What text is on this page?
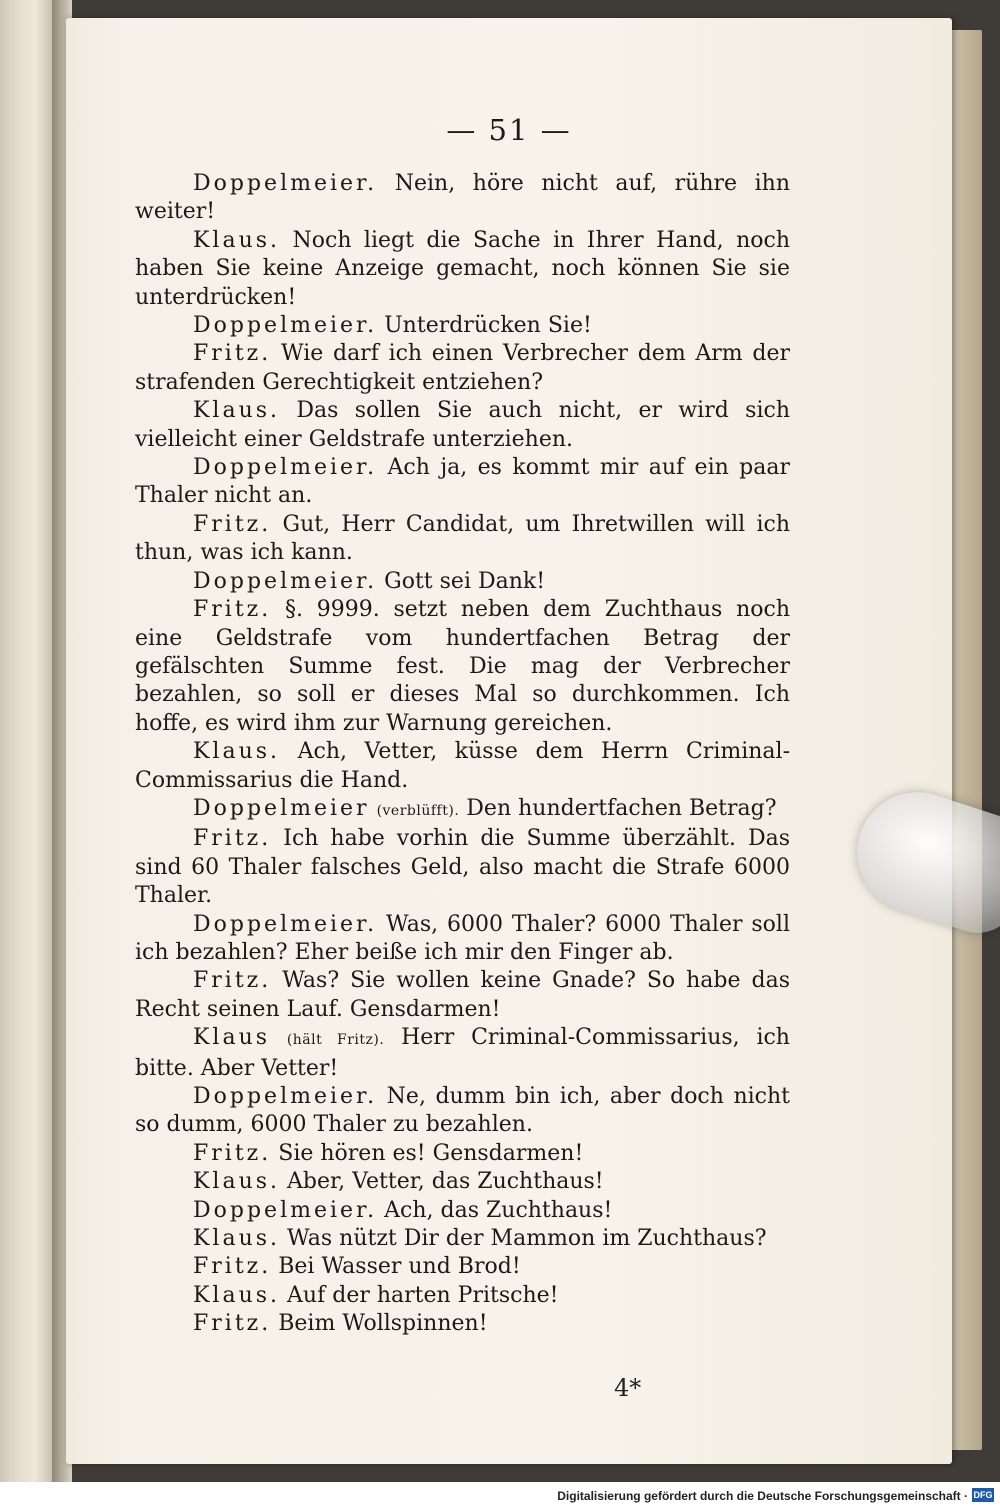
— 51 —

Doppelmeier. Nein, höre nicht auf, rühre ihn weiter!

Klaus. Noch liegt die Sache in Ihrer Hand, noch haben Sie keine Anzeige gemacht, noch können Sie sie unterdrücken!

Doppelmeier. Unterdrücken Sie!

Fritz. Wie darf ich einen Verbrecher dem Arm der strafenden Gerechtigkeit entziehen?

Klaus. Das sollen Sie auch nicht, er wird sich vielleicht einer Geldstrafe unterziehen.

Doppelmeier. Ach ja, es kommt mir auf ein paar Thaler nicht an.

Fritz. Gut, Herr Candidat, um Ihretwillen will ich thun, was ich kann.

Doppelmeier. Gott sei Dank!

Fritz. §. 9999. setzt neben dem Zuchthaus noch eine Geldstrafe vom hundertfachen Betrag der gefälschten Summe fest. Die mag der Verbrecher bezahlen, so soll er dieses Mal so durchkommen. Ich hoffe, es wird ihm zur Warnung gereichen.

Klaus. Ach, Vetter, küsse dem Herrn Criminal-Commissarius die Hand.

Doppelmeier (verblüfft). Den hundertfachen Betrag?

Fritz. Ich habe vorhin die Summe überzählt. Das sind 60 Thaler falsches Geld, also macht die Strafe 6000 Thaler.

Doppelmeier. Was, 6000 Thaler? 6000 Thaler soll ich bezahlen? Eher beiße ich mir den Finger ab.

Fritz. Was? Sie wollen keine Gnade? So habe das Recht seinen Lauf. Gensdarmen!

Klaus (hält Fritz). Herr Criminal-Commissarius, ich bitte. Aber Vetter!

Doppelmeier. Ne, dumm bin ich, aber doch nicht so dumm, 6000 Thaler zu bezahlen.

Fritz. Sie hören es! Gensdarmen!

Klaus. Aber, Vetter, das Zuchthaus!

Doppelmeier. Ach, das Zuchthaus!

Klaus. Was nützt Dir der Mammon im Zuchthaus?

Fritz. Bei Wasser und Brod!

Klaus. Auf der harten Pritsche!

Fritz. Beim Wollspinnen!

4*
Digitalisierung gefördert durch die Deutsche Forschungsgemeinschaft · DFG
